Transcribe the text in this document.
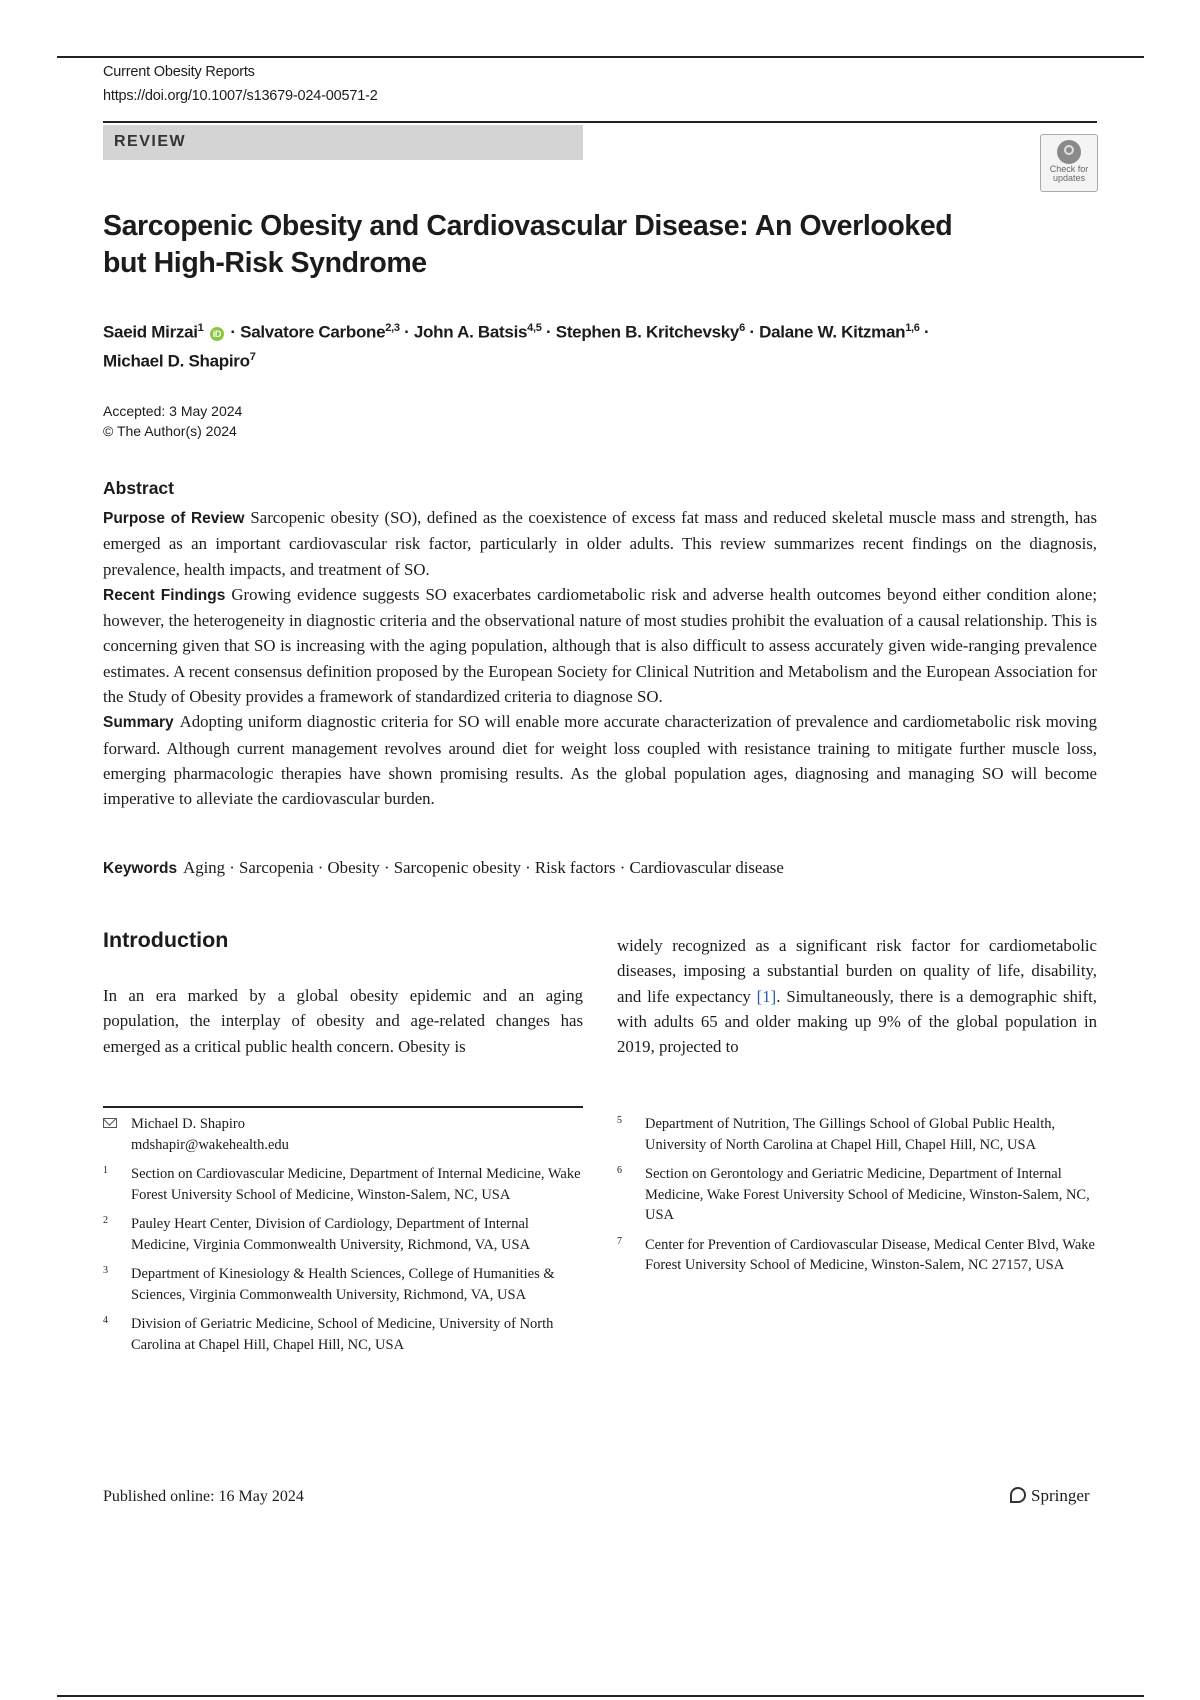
Current Obesity Reports
https://doi.org/10.1007/s13679-024-00571-2
REVIEW
Check for
updates
Sarcopenic Obesity and Cardiovascular Disease: An Overlooked
but High-Risk Syndrome
Saeid Mirzai$^1$ iD · Salvatore Carbone$^{2,3}$ · John A. Batsis$^{4,5}$ · Stephen B. Kritchevsky$^6$ · Dalane W. Kitzman$^{1,6}$ ·
Michael D. Shapiro$^7$
Accepted: 3 May 2024
© The Author(s) 2024
Abstract

Purpose of Review Sarcopenic obesity (SO), defined as the coexistence of excess fat mass and reduced skeletal muscle mass and strength, has emerged as an important cardiovascular risk factor, particularly in older adults. This review summarizes recent findings on the diagnosis, prevalence, health impacts, and treatment of SO.

Recent Findings Growing evidence suggests SO exacerbates cardiometabolic risk and adverse health outcomes beyond either condition alone; however, the heterogeneity in diagnostic criteria and the observational nature of most studies prohibit the evaluation of a causal relationship. This is concerning given that SO is increasing with the aging population, although that is also difficult to assess accurately given wide-ranging prevalence estimates. A recent consensus definition proposed by the European Society for Clinical Nutrition and Metabolism and the European Association for the Study of Obesity provides a framework of standardized criteria to diagnose SO.

Summary Adopting uniform diagnostic criteria for SO will enable more accurate characterization of prevalence and cardiometabolic risk moving forward. Although current management revolves around diet for weight loss coupled with resistance training to mitigate further muscle loss, emerging pharmacologic therapies have shown promising results. As the global population ages, diagnosing and managing SO will become imperative to alleviate the cardiovascular burden.

Keywords Aging · Sarcopenia · Obesity · Sarcopenic obesity · Risk factors · Cardiovascular disease
Introduction
In an era marked by a global obesity epidemic and an aging population, the interplay of obesity and age-related changes has emerged as a critical public health concern. Obesity is
widely recognized as a significant risk factor for cardiometabolic diseases, imposing a substantial burden on quality of life, disability, and life expectancy [1]. Simultaneously, there is a demographic shift, with adults 65 and older making up 9% of the global population in 2019, projected to
Michael D. Shapiro
mdshapir@wakehealth.edu
1 Section on Cardiovascular Medicine, Department of Internal Medicine, Wake Forest University School of Medicine, Winston-Salem, NC, USA
2 Pauley Heart Center, Division of Cardiology, Department of Internal Medicine, Virginia Commonwealth University, Richmond, VA, USA
3 Department of Kinesiology & Health Sciences, College of Humanities & Sciences, Virginia Commonwealth University, Richmond, VA, USA
4 Division of Geriatric Medicine, School of Medicine, University of North Carolina at Chapel Hill, Chapel Hill, NC, USA
5 Department of Nutrition, The Gillings School of Global Public Health, University of North Carolina at Chapel Hill, Chapel Hill, NC, USA
6 Section on Gerontology and Geriatric Medicine, Department of Internal Medicine, Wake Forest University School of Medicine, Winston-Salem, NC, USA
7 Center for Prevention of Cardiovascular Disease, Medical Center Blvd, Wake Forest University School of Medicine, Winston-Salem, NC 27157, USA
Published online: 16 May 2024	Springer
